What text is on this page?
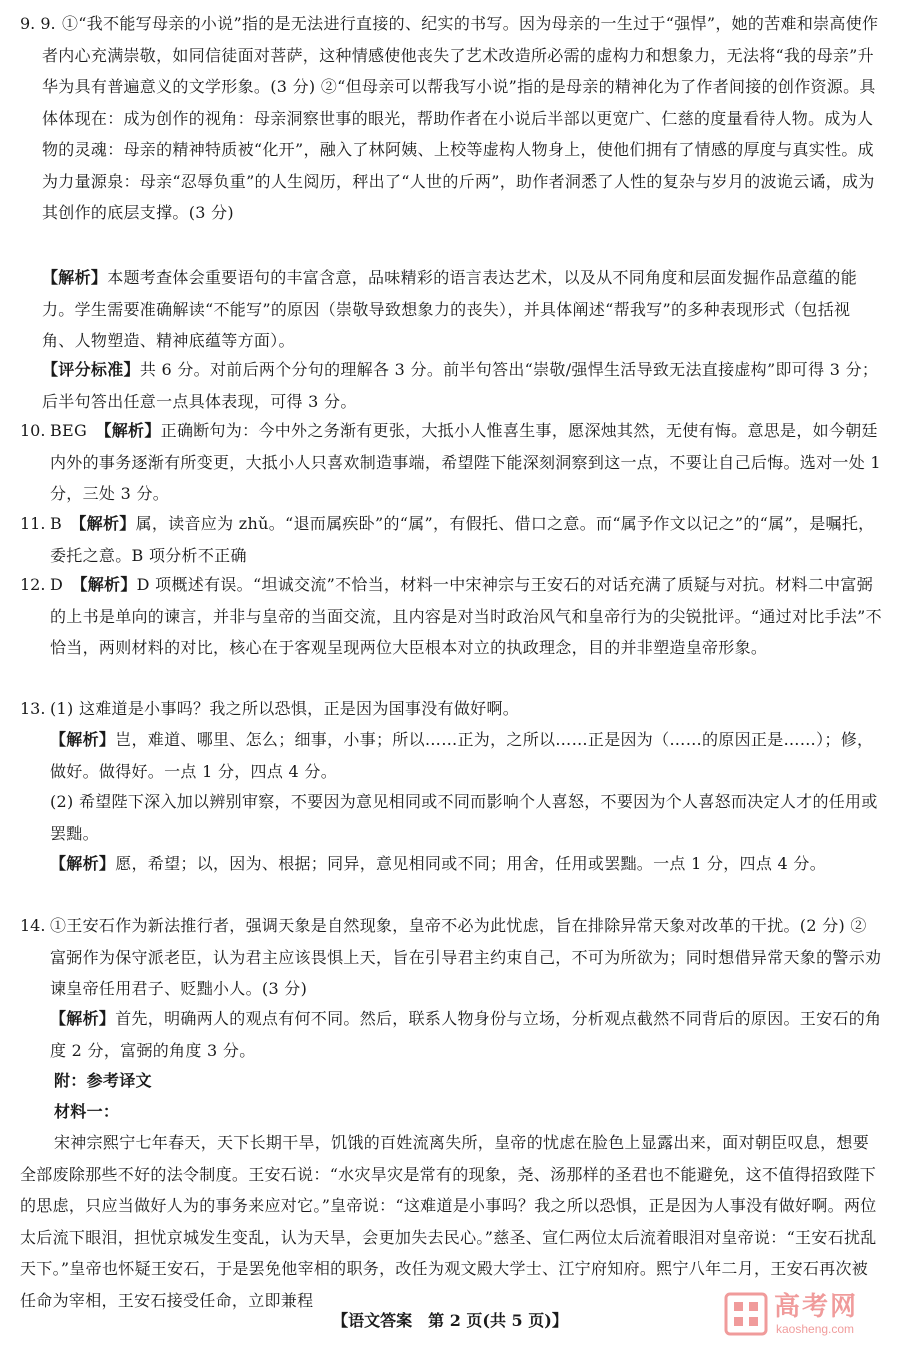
9. 9. ①“我不能写母亲的小说”指的是无法进行直接的、纪实的书写。因为母亲的一生过于“强悍”，她的苦难和崇高使作者内心充满崇敬，如同信徒面对菩萨，这种情感使他丧失了艺术改造所必需的虚构力和想象力，无法将“我的母亲”升华为具有普遍意义的文学形象。(3 分) ②“但母亲可以帮我写小说”指的是母亲的精神化为了作者间接的创作资源。具体体现在：成为创作的视角：母亲洞察世事的眼光，帮助作者在小说后半部以更宽广、仁慈的度量看待人物。成为人物的灵魂：母亲的精神特质被“化开”，融入了林阿姨、上校等虚构人物身上，使他们拥有了情感的厚度与真实性。成为力量源泉：母亲“忍辱负重”的人生阅历，秤出了“人世的斤两”，助作者洞悉了人性的复杂与岁月的波诡云谲，成为其创作的底层支撑。(3 分)
【解析】本题考查体会重要语句的丰富含意，品味精彩的语言表达艺术，以及从不同角度和层面发掘作品意蕴的能力。学生需要准确解读“不能写”的原因（崇敬导致想象力的丧失），并具体阐述“帮我写”的多种表现形式（包括视角、人物塑造、精神底蕴等方面）。
【评分标准】共 6 分。对前后两个分句的理解各 3 分。前半句答出“崇敬/强悍生活导致无法直接虚构”即可得 3 分；后半句答出任意一点具体表现，可得 3 分。
10. BEG　 【解析】正确断句为：今中外之务渐有更张，大抵小人惟喜生事，愿深烛其然，无使有悔。意思是，如今朝廷内外的事务逐渐有所变更，大抵小人只喜欢制造事端，希望陛下能深刻洞察到这一点，不要让自己后悔。选对一处 1 分，三处 3 分。
11. B　 【解析】属，读音应为 zhǔ。“退而属疾卧”的“属”，有假托、借口之意。而“属予作文以记之”的“属”，是嘱托，委托之意。B 项分析不正确
12. D　 【解析】D 项概述有误。“坦诚交流”不恰当，材料一中宋神宗与王安石的对话充满了质疑与对抗。材料二中富弼的上书是单向的谏言，并非与皇帝的当面交流，且内容是对当时政治风气和皇帝行为的尖锐批评。“通过对比手法”不恰当，两则材料的对比，核心在于客观呈现两位大臣根本对立的执政理念，目的并非塑造皇帝形象。
13. (1) 这难道是小事吗？我之所以恐惧，正是因为国事没有做好啊。
【解析】岂，难道、哪里、怎么；细事，小事；所以……正为，之所以……正是因为（……的原因正是……）；修，做好。做得好。一点 1 分，四点 4 分。
(2) 希望陛下深入加以辨别审察，不要因为意见相同或不同而影响个人喜怒，不要因为个人喜怒而决定人才的任用或罢黜。
【解析】愿，希望；以，因为、根据；同异，意见相同或不同；用舍，任用或罢黜。一点 1 分，四点 4 分。
14. ①王安石作为新法推行者，强调天象是自然现象，皇帝不必为此忧虑，旨在排除异常天象对改革的干扰。(2 分) ②富弼作为保守派老臣，认为君主应该畏惧上天，旨在引导君主约束自己，不可为所欲为；同时想借异常天象的警示劝谏皇帝任用君子、贬黜小人。(3 分)
【解析】首先，明确两人的观点有何不同。然后，联系人物身份与立场，分析观点截然不同背后的原因。王安石的角度 2 分，富弼的角度 3 分。
附：参考译文
材料一：
宋神宗熙宁七年春天，天下长期干旱，饥饿的百姓流离失所，皇帝的忧虑在脸色上显露出来，面对朝臣叹息，想要全部废除那些不好的法令制度。王安石说：“水灾旱灾是常有的现象，尧、汤那样的圣君也不能避免，这不值得招致陛下的思虑，只应当做好人为的事务来应对它。”皇帝说：“这难道是小事吗？我之所以恐惧，正是因为人事没有做好啊。两位太后流下眼泪，担忧京城发生变乱，认为天旱，会更加失去民心。”慈圣、宣仁两位太后流着眼泪对皇帝说：“王安石扰乱天下。”皇帝也怀疑王安石，于是罢免他宰相的职务，改任为观文殿大学士、江宁府知府。熙宁八年二月，王安石再次被任命为宰相，王安石接受任命，立即兼程
【语文答案　第 2 页(共 5 页)】	高考网
kaosheng.com
